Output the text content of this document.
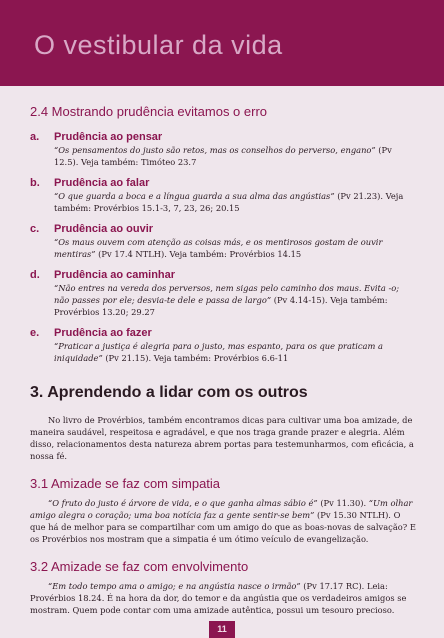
O vestibular da vida
2.4 Mostrando prudência evitamos o erro
a. Prudência ao pensar
“Os pensamentos do justo são retos, mas os conselhos do perverso, engano” (Pv 12.5). Veja também: Timóteo 23.7
b. Prudência ao falar
“O que guarda a boca e a língua guarda a sua alma das angústias” (Pv 21.23). Veja também: Provérbios 15.1-3, 7, 23, 26; 20.15
c. Prudência ao ouvir
“Os maus ouvem com atenção as coisas más, e os mentirosos gostam de ouvir mentiras” (Pv 17.4 NTLH). Veja também: Provérbios 14.15
d. Prudência ao caminhar
“Não entres na vereda dos perversos, nem sigas pelo caminho dos maus. Evita -o; não passes por ele; desvia-te dele e passa de largo” (Pv 4.14-15). Veja também: Provérbios 13.20; 29.27
e. Prudência ao fazer
“Praticar a justiça é alegria para o justo, mas espanto, para os que praticam a iniquidade” (Pv 21.15). Veja também: Provérbios 6.6-11
3. Aprendendo a lidar com os outros

No livro de Provérbios, também encontramos dicas para cultivar uma boa amizade, de maneira saudável, respeitosa e agradável, e que nos traga grande prazer e alegria. Além disso, relacionamentos desta natureza abrem portas para testemunharmos, com eficácia, a nossa fé.

3.1 Amizade se faz com simpatia

“O fruto do justo é árvore de vida, e o que ganha almas sábio é” (Pv 11.30). “Um olhar amigo alegra o coração; uma boa notícia faz a gente sentir-se bem” (Pv 15.30 NTLH). O que há de melhor para se compartilhar com um amigo do que as boas-novas de salvação? E os Provérbios nos mostram que a simpatia é um ótimo veículo de evangelização.

3.2 Amizade se faz com envolvimento

“Em todo tempo ama o amigo; e na angústia nasce o irmão” (Pv 17.17 RC). Leia: Provérbios 18.24. É na hora da dor, do temor e da angústia que os verdadeiros amigos se mostram. Quem pode contar com uma amizade autêntica, possui um tesouro precioso.

11
